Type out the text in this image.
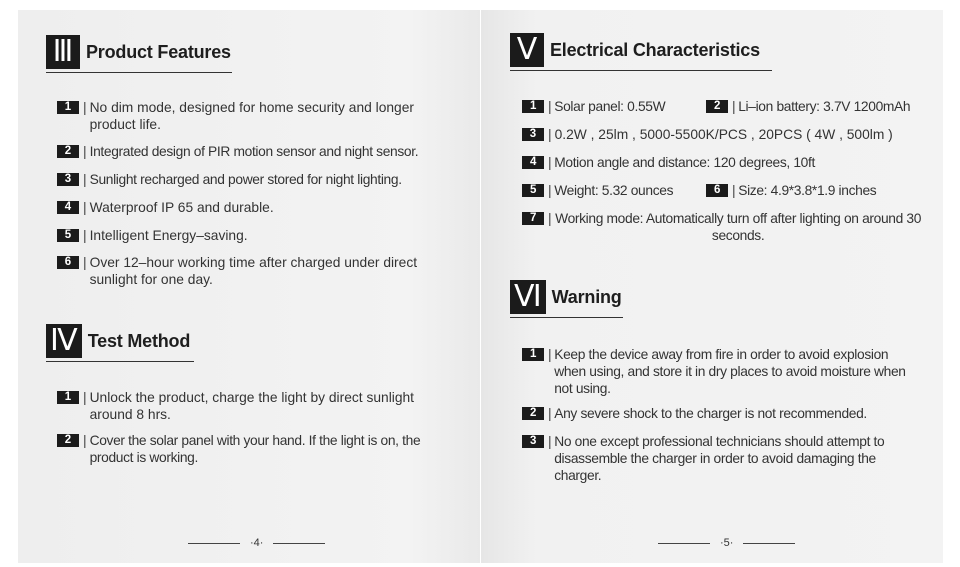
Ⅲ Product Features
1 | No dim mode, designed for home security and longer product life.
2 | Integrated design of PIR motion sensor and night sensor.
3 | Sunlight recharged and power stored for night lighting.
4 | Waterproof IP 65 and durable.
5 | Intelligent Energy–saving.
6 | Over 12–hour working time after charged under direct sunlight for one day.
Ⅳ Test Method
1 | Unlock the product, charge the light by direct sunlight around 8 hrs.
2 | Cover the solar panel with your hand. If the light is on, the product is working.
·4·
Ⅴ Electrical Characteristics
1 | Solar panel: 0.55W	2 | Li–ion battery: 3.7V 1200mAh
3 | 0.2W , 25lm , 5000-5500K/PCS , 20PCS ( 4W , 500lm )
4 | Motion angle and distance: 120 degrees, 10ft
5 | Weight: 5.32 ounces	6 | Size: 4.9*3.8*1.9 inches
7 | Working mode: Automatically turn off after lighting on around 30 seconds.
Ⅵ Warning
1 | Keep the device away from fire in order to avoid explosion when using, and store it in dry places to avoid moisture when not using.
2 | Any severe shock to the charger is not recommended.
3 | No one except professional technicians should attempt to disassemble the charger in order to avoid damaging the charger.
·5·
